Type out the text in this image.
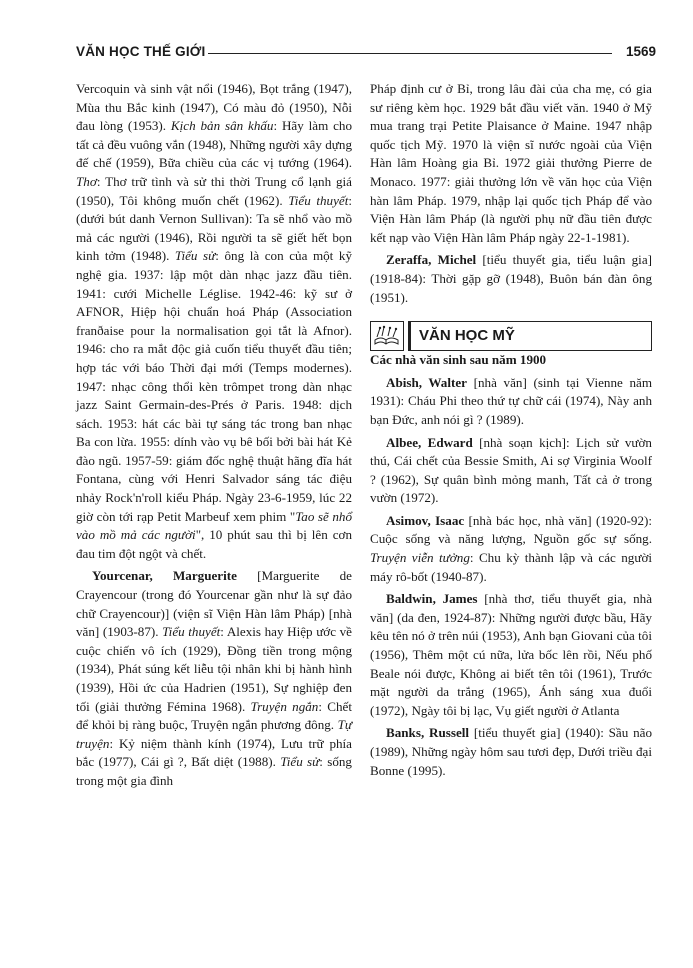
VĂN HỌC THẾ GIỚI	1569

Vercoquin và sinh vật nổi (1946), Bọt trắng (1947), Mùa thu Bắc kinh (1947), Có màu đỏ (1950), Nỗi đau lòng (1953). Kịch bản sân khấu: Hãy làm cho tất cả đều vuông vắn (1948), Những người xây dựng đế chế (1959), Bữa chiều của các vị tướng (1964). Thơ: Thơ trữ tình và sử thi thời Trung cổ lạnh giá (1950), Tôi không muốn chết (1962). Tiểu thuyết: (dưới bút danh Vernon Sullivan): Ta sẽ nhổ vào mồ mả các người (1946), Rồi người ta sẽ giết hết bọn kinh tởm (1948). Tiểu sử: ông là con của một kỹ nghệ gia. 1937: lập một dàn nhạc jazz đầu tiên. 1941: cưới Michelle Léglise. 1942-46: kỹ sư ở AFNOR, Hiệp hội chuẩn hoá Pháp (Association franðaise pour la normalisation gọi tắt là Afnor). 1946: cho ra mắt độc giả cuốn tiểu thuyết đầu tiên; hợp tác với báo Thời đại mới (Temps modernes). 1947: nhạc công thổi kèn trômpet trong dàn nhạc jazz Saint Germain-des-Prés ở Paris. 1948: dịch sách. 1953: hát các bài tự sáng tác trong ban nhạc Ba con lừa. 1955: dính vào vụ bê bối bởi bài hát Kẻ đào ngũ. 1957-59: giám đốc nghệ thuật hãng đĩa hát Fontana, cùng với Henri Salvador sáng tác điệu nhảy Rock'n'roll kiểu Pháp. Ngày 23-6-1959, lúc 22 giờ còn tới rạp Petit Marbeuf xem phim "Tao sẽ nhổ vào mồ mả các người", 10 phút sau thì bị lên cơn đau tim đột ngột và chết.

Yourcenar, Marguerite [Marguerite de Crayencour (trong đó Yourcenar gần như là sự đảo chữ Crayencour)] (viện sĩ Viện Hàn lâm Pháp) [nhà văn] (1903-87). Tiểu thuyết: Alexis hay Hiệp ước về cuộc chiến vô ích (1929), Đồng tiền trong mộng (1934), Phát súng kết liễu tội nhân khi bị hành hình (1939), Hồi ức của Hadrien (1951), Sự nghiệp đen tối (giải thưởng Fémina 1968). Truyện ngắn: Chết để khỏi bị ràng buộc, Truyện ngắn phương đông. Tự truyện: Kỷ niệm thành kính (1974), Lưu trữ phía bắc (1977), Cái gì ?, Bất diệt (1988). Tiểu sử: sống trong một gia đình

Pháp định cư ở Bỉ, trong lâu đài của cha mẹ, có gia sư riêng kèm học. 1929 bắt đầu viết văn. 1940 ở Mỹ mua trang trại Petite Plaisance ở Maine. 1947 nhập quốc tịch Mỹ. 1970 là viện sĩ nước ngoài của Viện Hàn lâm Hoàng gia Bỉ. 1972 giải thưởng Pierre de Monaco. 1977: giải thưởng lớn về văn học của Viện hàn lâm Pháp. 1979, nhập lại quốc tịch Pháp để vào Viện Hàn lâm Pháp (là người phụ nữ đầu tiên được kết nạp vào Viện Hàn lâm Pháp ngày 22-1-1981).

Zeraffa, Michel [tiểu thuyết gia, tiểu luận gia] (1918-84): Thời gặp gỡ (1948), Buôn bán đàn ông (1951).

VĂN HỌC MỸ

Các nhà văn sinh sau năm 1900

Abish, Walter [nhà văn] (sinh tại Vienne năm 1931): Cháu Phi theo thứ tự chữ cái (1974), Này anh bạn Đức, anh nói gì ? (1989).

Albee, Edward [nhà soạn kịch]: Lịch sử vườn thú, Cái chết của Bessie Smith, Ai sợ Virginia Woolf ? (1962), Sự quân bình mỏng manh, Tất cả ở trong vườn (1972).

Asimov, Isaac [nhà bác học, nhà văn] (1920-92): Cuộc sống và năng lượng, Nguồn gốc sự sống. Truyện viễn tưởng: Chu kỳ thành lập và các người máy rô-bốt (1940-87).

Baldwin, James [nhà thơ, tiểu thuyết gia, nhà văn] (da đen, 1924-87): Những người được bầu, Hãy kêu tên nó ở trên núi (1953), Anh bạn Giovani của tôi (1956), Thêm một cú nữa, lửa bốc lên rồi, Nếu phố Beale nói được, Không ai biết tên tôi (1961), Trước mặt người da trắng (1965), Ánh sáng xua đuổi (1972), Ngày tôi bị lạc, Vụ giết người ở Atlanta

Banks, Russell [tiểu thuyết gia] (1940): Sầu não (1989), Những ngày hôm sau tươi đẹp, Dưới triều đại Bonne (1995).
